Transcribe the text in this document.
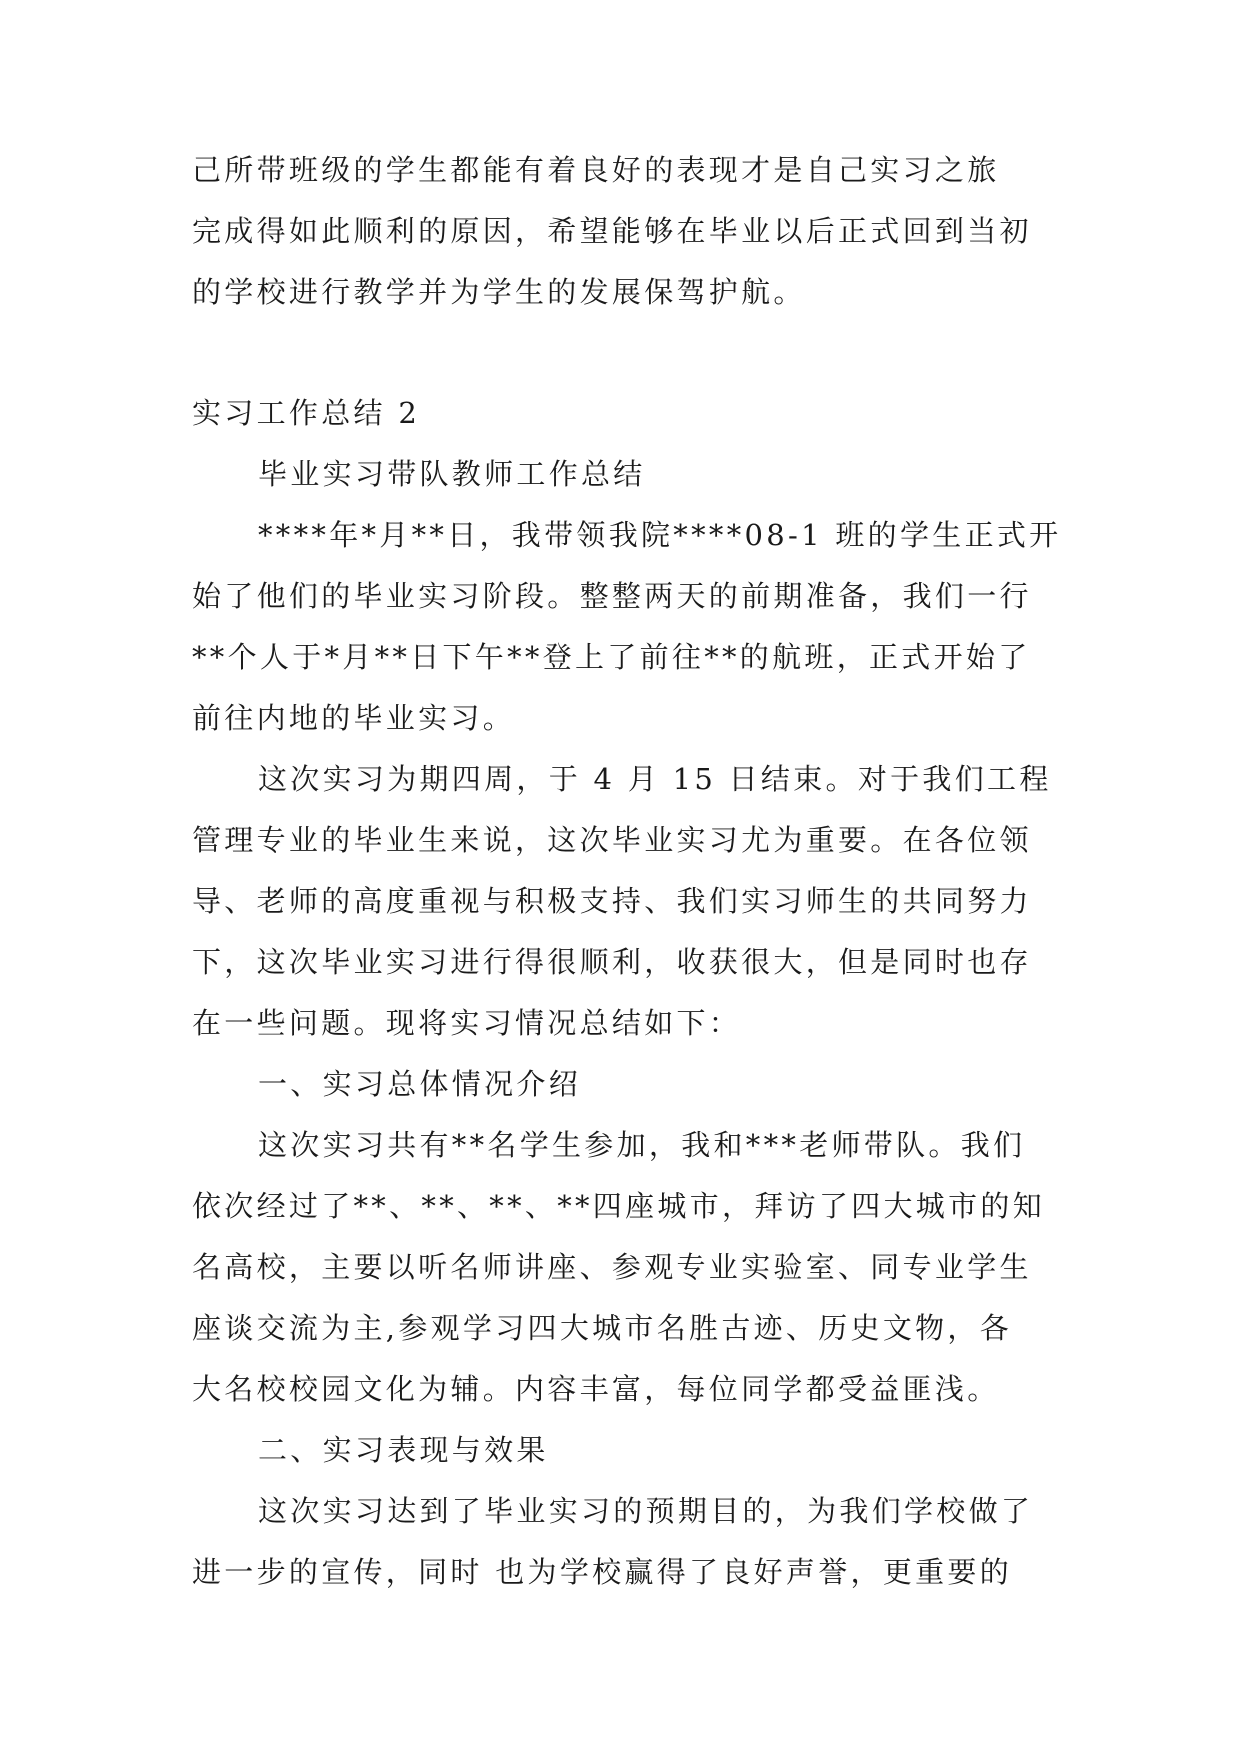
己所带班级的学生都能有着良好的表现才是自己实习之旅
完成得如此顺利的原因，希望能够在毕业以后正式回到当初
的学校进行教学并为学生的发展保驾护航。
实习工作总结 2
毕业实习带队教师工作总结
****年*月**日，我带领我院****08-1 班的学生正式开
始了他们的毕业实习阶段。整整两天的前期准备，我们一行
**个人于*月**日下午**登上了前往**的航班，正式开始了
前往内地的毕业实习。
这次实习为期四周，于 4 月 15 日结束。对于我们工程
管理专业的毕业生来说，这次毕业实习尤为重要。在各位领
导、老师的高度重视与积极支持、我们实习师生的共同努力
下，这次毕业实习进行得很顺利，收获很大，但是同时也存
在一些问题。现将实习情况总结如下：
一、实习总体情况介绍
这次实习共有**名学生参加，我和***老师带队。我们
依次经过了**、**、**、**四座城市，拜访了四大城市的知
名高校，主要以听名师讲座、参观专业实验室、同专业学生
座谈交流为主,参观学习四大城市名胜古迹、历史文物，各
大名校校园文化为辅。内容丰富，每位同学都受益匪浅。
二、实习表现与效果
这次实习达到了毕业实习的预期目的，为我们学校做了
进一步的宣传，同时 也为学校赢得了良好声誉，更重要的
